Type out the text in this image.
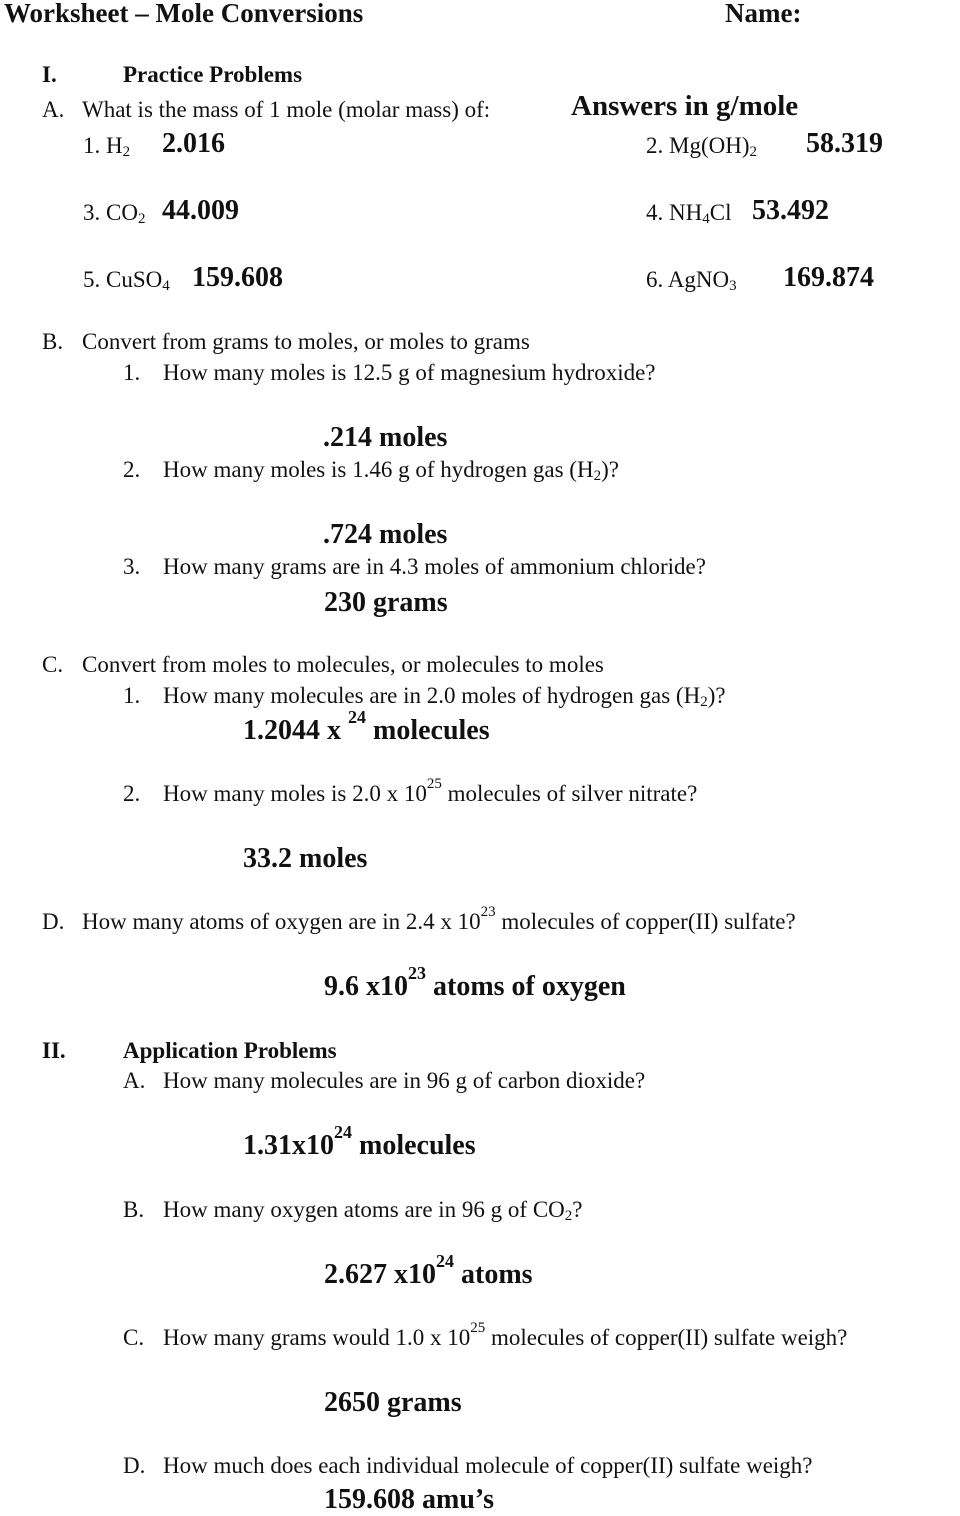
Worksheet – Mole Conversions	Name:
I.	Practice Problems
A. What is the mass of 1 mole (molar mass) of:	Answers in g/mole
1. $H_2$ 2.016	2. $Mg(OH)_2$ 58.319
3. $CO_2$ 44.009	4. $NH_4Cl$ 53.492
5. CuSO$_4$ 159.608	6. AgNO$_3$ 169.874
B. Convert from grams to moles, or moles to grams
1. How many moles is 12.5 g of magnesium hydroxide?
.214 moles
2. How many moles is 1.46 g of hydrogen gas $(H_2)$?
.724 moles
3. How many grams are in 4.3 moles of ammonium chloride?
230 grams
C. Convert from moles to molecules, or molecules to moles
1. How many molecules are in 2.0 moles of hydrogen gas $(H_2)$?
1.2044 x $^{24}$ molecules
2. How many moles is 2.0 x $10^{25}$ molecules of silver nitrate?
33.2 moles
D. How many atoms of oxygen are in 2.4 x $10^{23}$ molecules of copper(II) sulfate?
9.6 $x10^{23}$ atoms of oxygen
II. Application Problems
A. How many molecules are in 96 g of carbon dioxide?
$1.31x10^{24}$ molecules
B. How many oxygen atoms are in 96 g of $CO_2$?
2.627 $x10^{24}$ atoms
C. How many grams would 1.0 x $10^{25}$ molecules of copper(II) sulfate weigh?
2650 grams
D. How much does each individual molecule of copper(II) sulfate weigh?
159.608 amu’s
